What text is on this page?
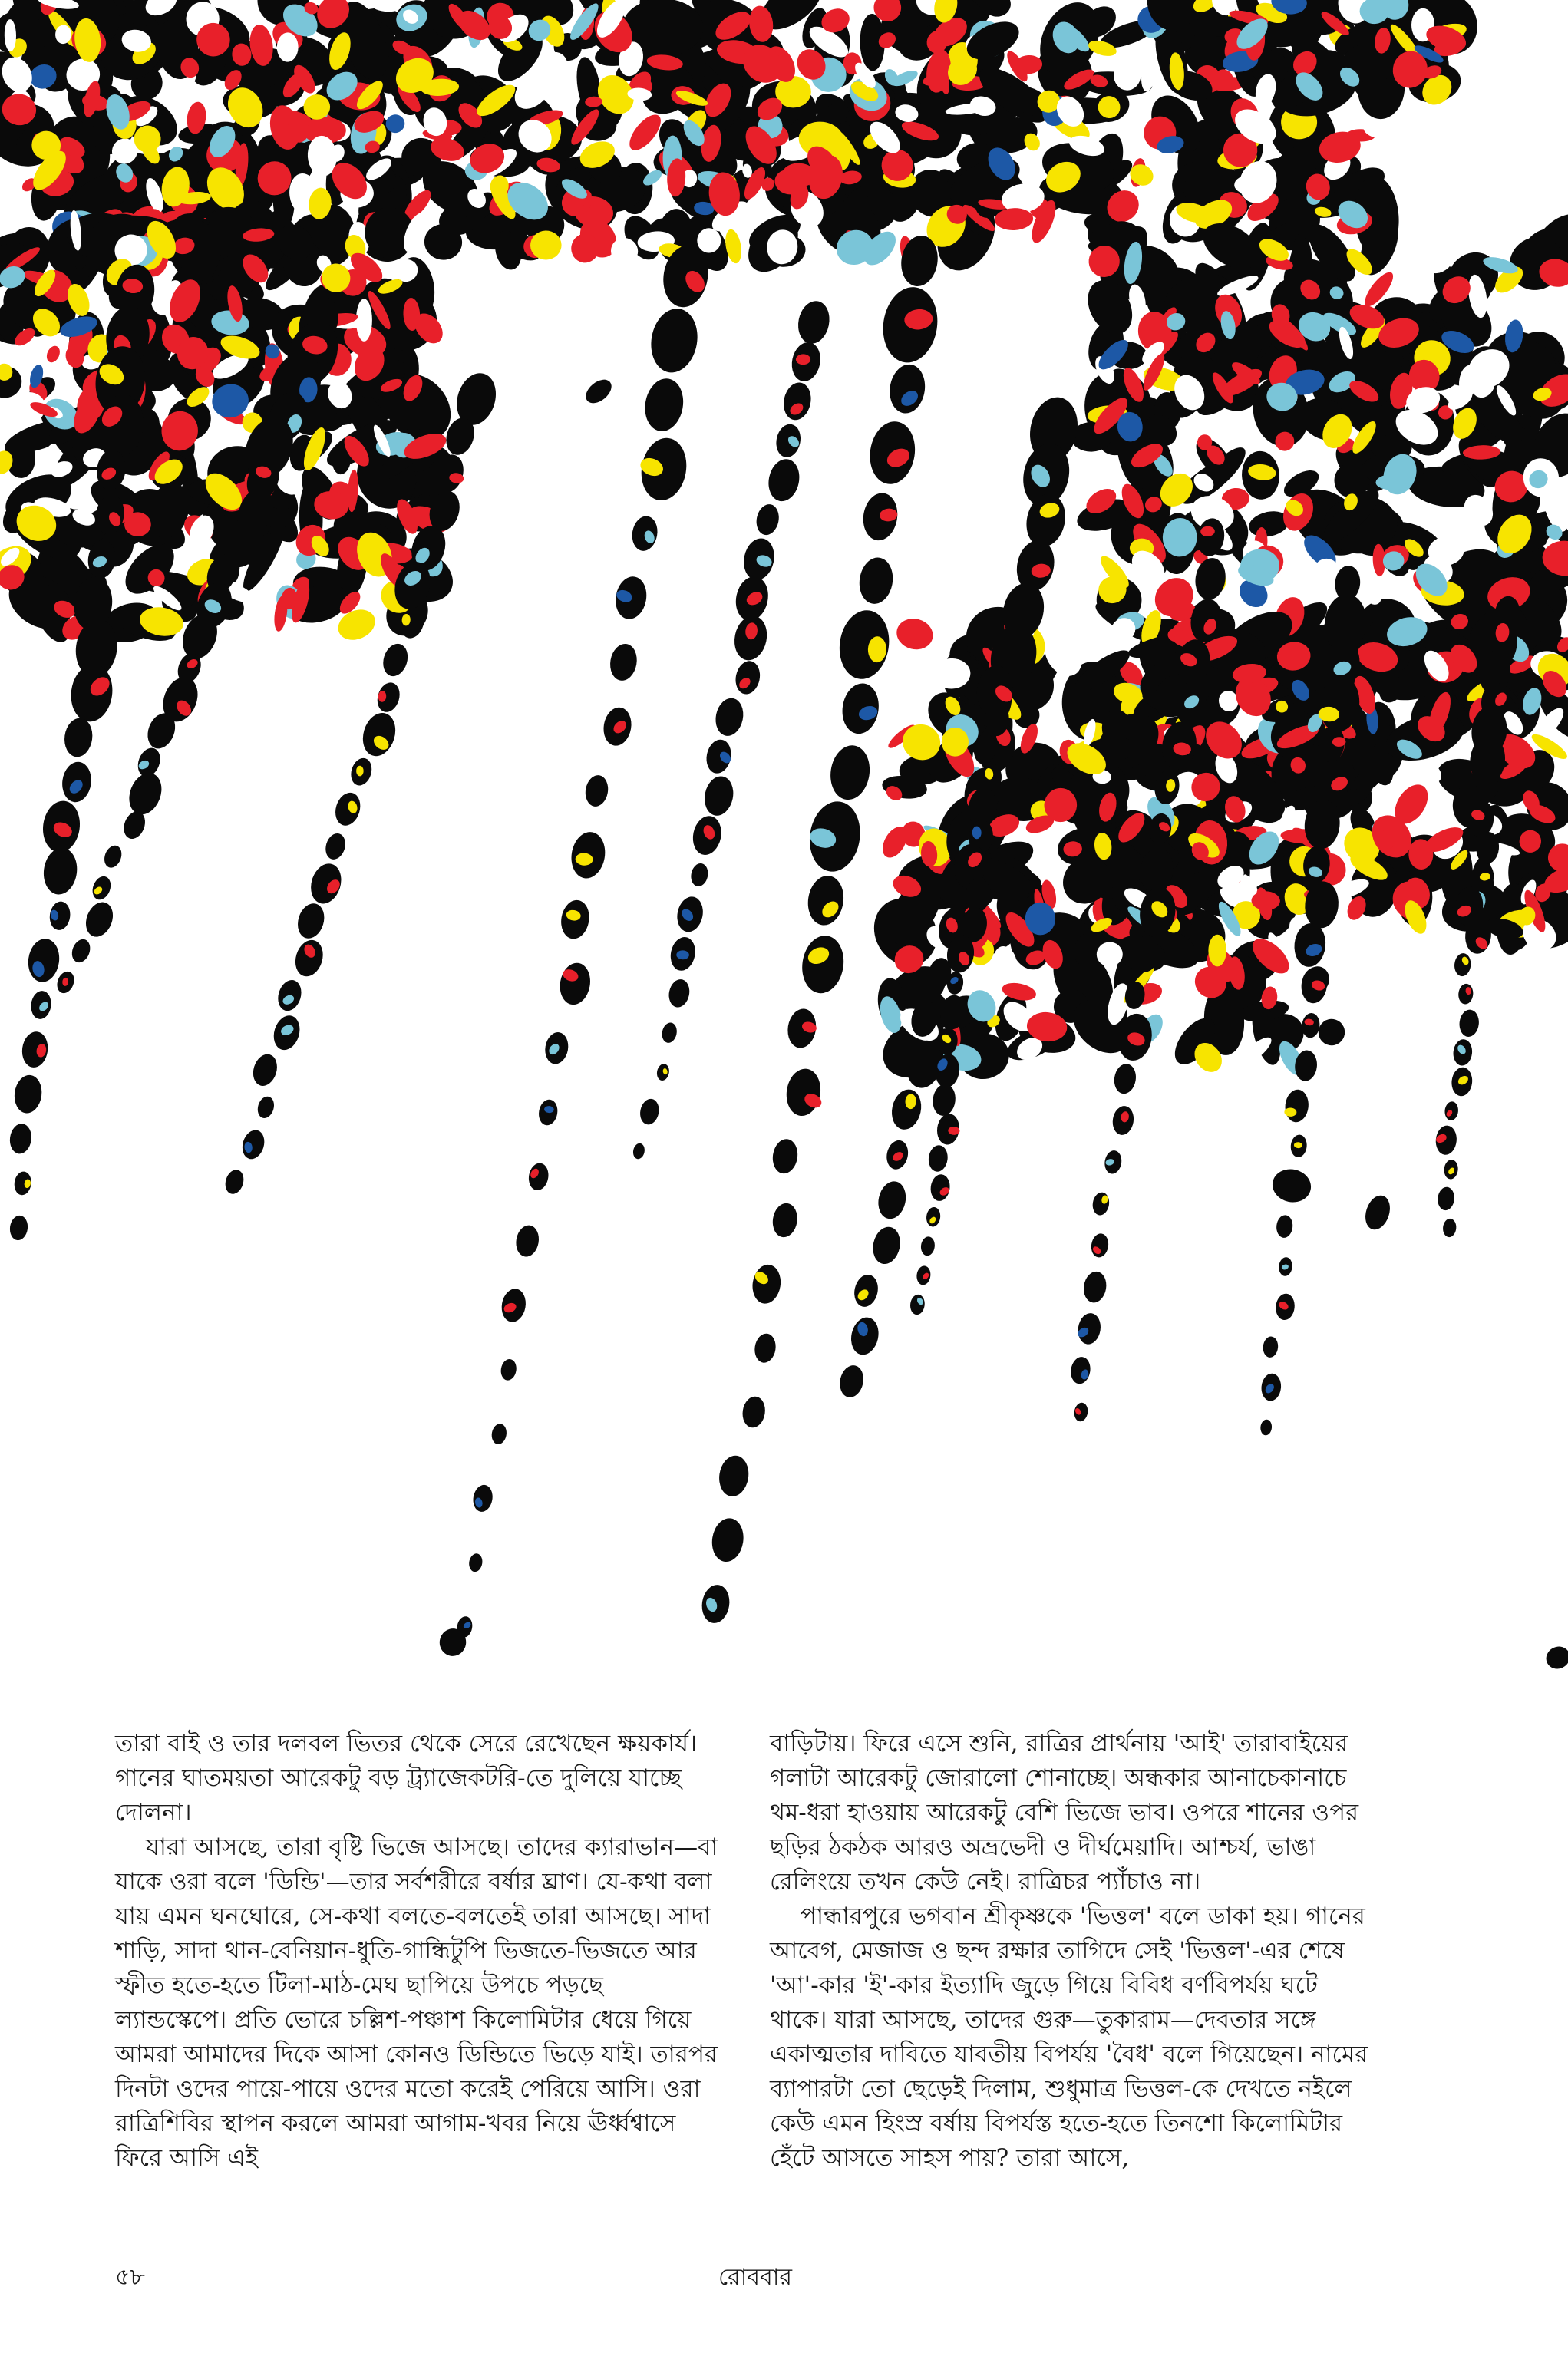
তারা বাই ও তার দলবল ভিতর থেকে সেরে রেখেছেন ক্ষয়কার্য। গানের ঘাতময়তা আরেকটু বড় ট্র্যাজেকটরি-তে দুলিয়ে যাচ্ছে দোলনা।

যারা আসছে, তারা বৃষ্টি ভিজে আসছে। তাদের ক্যারাভান—বা যাকে ওরা বলে 'ডিন্ডি'—তার সর্বশরীরে বর্ষার ঘ্রাণ। যে-কথা বলা যায় এমন ঘনঘোরে, সে-কথা বলতে-বলতেই তারা আসছে। সাদা শাড়ি, সাদা থান-বেনিয়ান-ধুতি-গান্ধিটুপি ভিজতে-ভিজতে আর স্ফীত হতে-হতে টিলা-মাঠ-মেঘ ছাপিয়ে উপচে পড়ছে ল্যান্ডস্কেপে। প্রতি ভোরে চল্লিশ-পঞ্চাশ কিলোমিটার ধেয়ে গিয়ে আমরা আমাদের দিকে আসা কোনও ডিন্ডিতে ভিড়ে যাই। তারপর দিনটা ওদের পায়ে-পায়ে ওদের মতো করেই পেরিয়ে আসি। ওরা রাত্রিশিবির স্থাপন করলে আমরা আগাম-খবর নিয়ে ঊর্ধ্বশ্বাসে ফিরে আসি এই

বাড়িটায়। ফিরে এসে শুনি, রাত্রির প্রার্থনায় 'আই' তারাবাইয়ের গলাটা আরেকটু জোরালো শোনাচ্ছে। অন্ধকার আনাচেকানাচে থম-ধরা হাওয়ায় আরেকটু বেশি ভিজে ভাব। ওপরে শানের ওপর ছড়ির ঠকঠক আরও অভ্রভেদী ও দীর্ঘমেয়াদি। আশ্চর্য, ভাঙা রেলিংয়ে তখন কেউ নেই। রাত্রিচর প্যাঁচাও না।

পান্ধারপুরে ভগবান শ্রীকৃষ্ণকে 'ভিত্তল' বলে ডাকা হয়। গানের আবেগ, মেজাজ ও ছন্দ রক্ষার তাগিদে সেই 'ভিত্তল'-এর শেষে 'আ'-কার 'ই'-কার ইত্যাদি জুড়ে গিয়ে বিবিধ বর্ণবিপর্যয় ঘটে থাকে। যারা আসছে, তাদের গুরু—তুকারাম—দেবতার সঙ্গে একাত্মতার দাবিতে যাবতীয় বিপর্যয় 'বৈধ' বলে গিয়েছেন। নামের ব্যাপারটা তো ছেড়েই দিলাম, শুধুমাত্র ভিত্তল-কে দেখতে নইলে কেউ এমন হিংস্র বর্ষায় বিপর্যস্ত হতে-হতে তিনশো কিলোমিটার হেঁটে আসতে সাহস পায়? তারা আসে,

৫৮	রোববার
